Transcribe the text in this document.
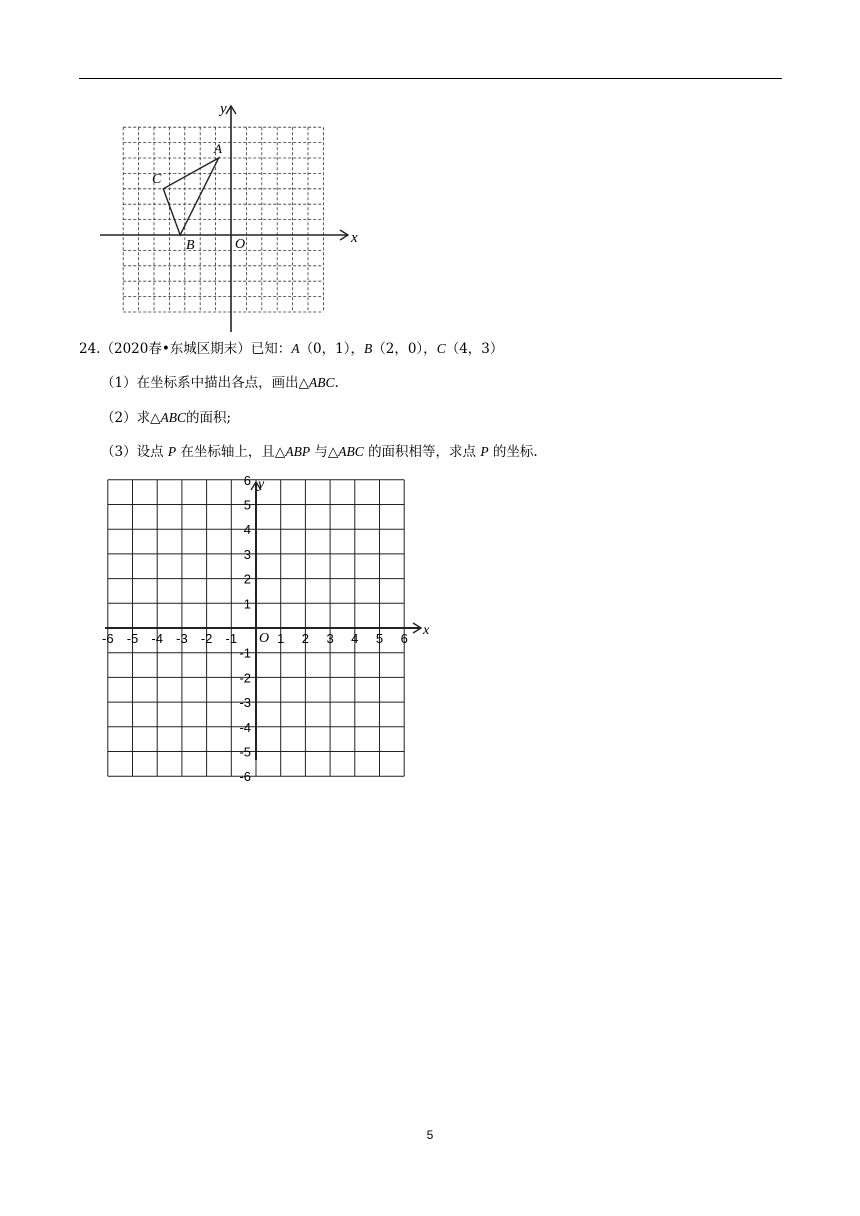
x
y
O
A
B
C
24.（2020春•东城区期末）已知：A（0，1），B（2，0），C（4，3）
（1）在坐标系中描出各点，画出△ABC.
（2）求△ABC的面积;
（3）设点 P 在坐标轴上，且△ABP 与△ABC 的面积相等，求点 P 的坐标.
-6 -5 -4 -3 -2 -1	1 2 3 4 5 6
6
5
4
3
2
1
-1
-2
-3
-4
-5
-6
x
y
O
5
